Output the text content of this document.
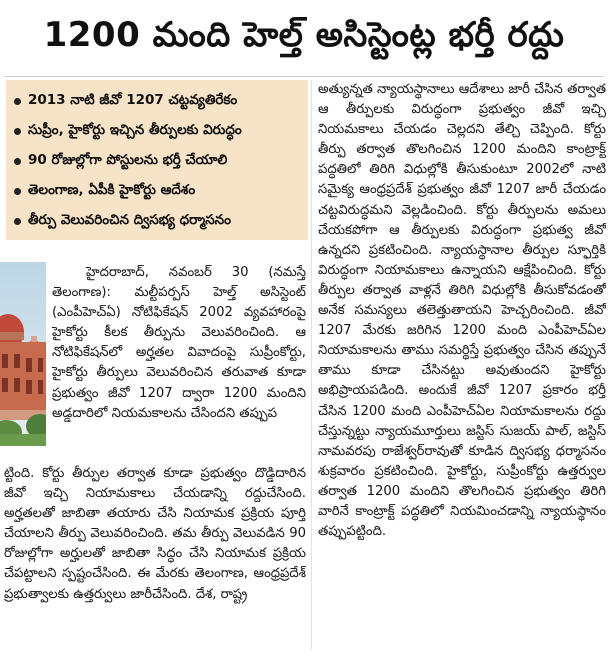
1200 మంది హెల్త్ అసిస్టెంట్ల భర్తీ రద్దు
2013 నాటి జీవో 1207 చట్టవ్యతిరేకం
సుప్రీం, హైకోర్టు ఇచ్చిన తీర్పులకు విరుద్ధం
90 రోజుల్లోగా పోస్టులను భర్తీ చేయాలి
తెలంగాణ, ఏపీకి హైకోర్టు ఆదేశం
తీర్పు వెలువరించిన ద్విసభ్య ధర్మాసనం

హైదరాబాద్, నవంబర్ 30 (నమస్తే తెలంగాణ): మల్టీపర్పస్ హెల్త్ అసిస్టెంట్ (ఎంపీహెచ్ఏ) నోటిఫికేషన్ 2002 వ్యవహారంపై హైకోర్టు కీలక తీర్పును వెలువరించింది. ఆ నోటిఫికేషన్‌లో అర్హతల వివాదంపై సుప్రీంకోర్టు, హైకోర్టు తీర్పులు వెలువరించిన తరువాత కూడా ప్రభుత్వం జీవో 1207 ద్వారా 1200 మందిని అడ్డదారిలో నియమకాలను చేసిందని తప్పుప

ట్టింది. కోర్టు తీర్పుల తర్వాత కూడా ప్రభుత్వం దొడ్డిదారిన జీవో ఇచ్చి నియామకాలు చేయడాన్ని రద్దుచేసింది. అర్హతలతో జాబితా తయారు చేసి నియామక ప్రక్రియ పూర్తి చేయాలని తీర్పు వెలువరించింది. తమ తీర్పు వెలువడిన 90 రోజుల్లోగా అర్హులతో జాబితా సిద్ధం చేసి నియామక ప్రక్రియ చేపట్టాలని స్పష్టంచేసింది. ఈ మేరకు తెలంగాణ, ఆంధ్రప్రదేశ్ ప్రభుత్వాలకు ఉత్తర్వులు జారీచేసింది. దేశ, రాష్ట్ర

అత్యున్నత న్యాయస్థానాలు ఆదేశాలు జారీ చేసిన తర్వాత ఆ తీర్పులకు విరుద్ధంగా ప్రభుత్వం జీవో ఇచ్చి నియమకాలు చేయడం చెల్లదని తేల్చి చెప్పింది. కోర్టు తీర్పు తర్వాత తొలగించిన 1200 మందిని కాంట్రాక్ట్ పద్ధతిలో తిరిగి విధుల్లోకి తీసుకుంటూ 2002లో నాటి సమైక్య ఆంధ్రప్రదేశ్ ప్రభుత్వం జీవో 1207 జారీ చేయడం చట్టవిరుద్ధమని వెల్లడించింది. కోర్టు తీర్పులను అమలు చేయకపోగా ఆ తీర్పులకు విరుద్ధంగా ప్రభుత్వ జీవో ఉన్నదని ప్రకటించింది. న్యాయస్థానాల తీర్పుల స్ఫూర్తికి విరుద్ధంగా నియామకాలు ఉన్నాయని ఆక్షేపించింది. కోర్టు తీర్పుల తర్వాత వాళ్లనే తిరిగి విధుల్లోకి తీసుకోవడంతో అనేక సమస్యలు తలెత్తుతాయని హెచ్చరించింది. జీవో 1207 మేరకు జరిగిన 1200 మంది ఎంపీహెచ్ఏల నియామకాలను తాము సమర్థిస్తే ప్రభుత్వం చేసిన తప్పునే తాము కూడా చేసినట్టు అవుతుందని హైకోర్టు అభిప్రాయపడింది. అందుకే జీవో 1207 ప్రకారం భర్తీ చేసిన 1200 మంది ఎంపీహెచ్ఏల నియామకాలను రద్దు చేస్తున్నట్టు న్యాయమూర్తులు జస్టిస్ సుజయ్ పాల్, జస్టిస్ నామవరపు రాజేశ్వర్‌రావుతో కూడిన ద్విసభ్య ధర్మాసనం శుక్రవారం ప్రకటించింది. హైకోర్టు, సుప్రీంకోర్టు ఉత్తర్వుల తర్వాత 1200 మందిని తొలగించిన ప్రభుత్వం తిరిగి వారినే కాంట్రాక్ట్ పద్ధతిలో నియమించడాన్ని న్యాయస్థానం తప్పుపట్టింది.
